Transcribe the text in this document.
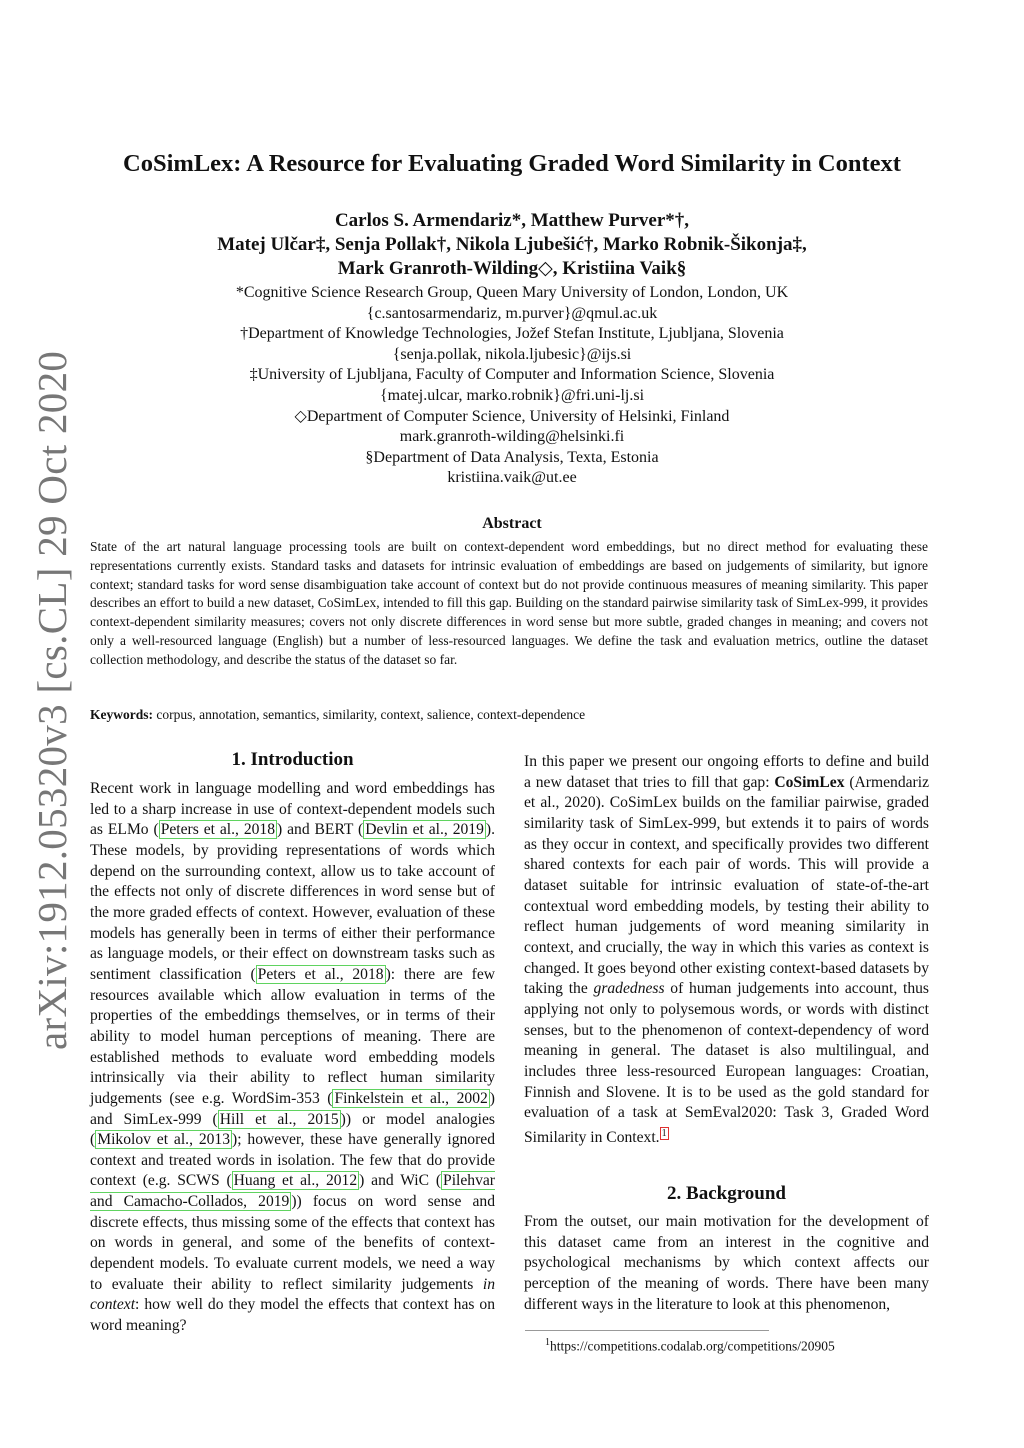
arXiv:1912.05320v3 [cs.CL] 29 Oct 2020
CoSimLex: A Resource for Evaluating Graded Word Similarity in Context
Carlos S. Armendariz*, Matthew Purver*†,
Matej Ulčar‡, Senja Pollak†, Nikola Ljubešić†, Marko Robnik-Šikonja‡,
Mark Granroth-Wilding◇, Kristiina Vaik§
*Cognitive Science Research Group, Queen Mary University of London, London, UK
{c.santosarmendariz, m.purver}@qmul.ac.uk
†Department of Knowledge Technologies, Jožef Stefan Institute, Ljubljana, Slovenia
{senja.pollak, nikola.ljubesic}@ijs.si
‡University of Ljubljana, Faculty of Computer and Information Science, Slovenia
{matej.ulcar, marko.robnik}@fri.uni-lj.si
◇Department of Computer Science, University of Helsinki, Finland
mark.granroth-wilding@helsinki.fi
§Department of Data Analysis, Texta, Estonia
kristiina.vaik@ut.ee
Abstract
State of the art natural language processing tools are built on context-dependent word embeddings, but no direct method for evaluating these representations currently exists. Standard tasks and datasets for intrinsic evaluation of embeddings are based on judgements of similarity, but ignore context; standard tasks for word sense disambiguation take account of context but do not provide continuous measures of meaning similarity. This paper describes an effort to build a new dataset, CoSimLex, intended to fill this gap. Building on the standard pairwise similarity task of SimLex-999, it provides context-dependent similarity measures; covers not only discrete differences in word sense but more subtle, graded changes in meaning; and covers not only a well-resourced language (English) but a number of less-resourced languages. We define the task and evaluation metrics, outline the dataset collection methodology, and describe the status of the dataset so far.
Keywords: corpus, annotation, semantics, similarity, context, salience, context-dependence
1. Introduction

Recent work in language modelling and word embeddings has led to a sharp increase in use of context-dependent models such as ELMo ( Peters et al., 2018 ) and BERT ( Devlin et al., 2019 ). These models, by providing representations of words which depend on the surrounding context, allow us to take account of the effects not only of discrete differences in word sense but of the more graded effects of context. However, evaluation of these models has generally been in terms of either their performance as language models, or their effect on downstream tasks such as sentiment classification ( Peters et al., 2018 ): there are few resources available which allow evaluation in terms of the properties of the embeddings themselves, or in terms of their ability to model human perceptions of meaning. There are established methods to evaluate word embedding models intrinsically via their ability to reflect human similarity judgements (see e.g. WordSim-353 ( Finkelstein et al., 2002 ) and SimLex-999 ( Hill et al., 2015 )) or model analogies ( Mikolov et al., 2013 ); however, these have generally ignored context and treated words in isolation. The few that do provide context (e.g. SCWS ( Huang et al., 2012 ) and WiC ( Pilehvar and Camacho-Collados, 2019 )) focus on word sense and discrete effects, thus missing some of the effects that context has on words in general, and some of the benefits of context-dependent models. To evaluate current models, we need a way to evaluate their ability to reflect similarity judgements in context: how well do they model the effects that context has on word meaning?

In this paper we present our ongoing efforts to define and build a new dataset that tries to fill that gap: CoSimLex (Armendariz et al., 2020). CoSimLex builds on the familiar pairwise, graded similarity task of SimLex-999, but extends it to pairs of words as they occur in context, and specifically provides two different shared contexts for each pair of words. This will provide a dataset suitable for intrinsic evaluation of state-of-the-art contextual word embedding models, by testing their ability to reflect human judgements of word meaning similarity in context, and crucially, the way in which this varies as context is changed. It goes beyond other existing context-based datasets by taking the gradedness of human judgements into account, thus applying not only to polysemous words, or words with distinct senses, but to the phenomenon of context-dependency of word meaning in general. The dataset is also multilingual, and includes three less-resourced European languages: Croatian, Finnish and Slovene. It is to be used as the gold standard for evaluation of a task at SemEval2020: Task 3, Graded Word Similarity in Context. $^1$

2. Background

From the outset, our main motivation for the development of this dataset came from an interest in the cognitive and psychological mechanisms by which context affects our perception of the meaning of words. There have been many different ways in the literature to look at this phenomenon,

$^1$https://competitions.codalab.org/competitions/20905
